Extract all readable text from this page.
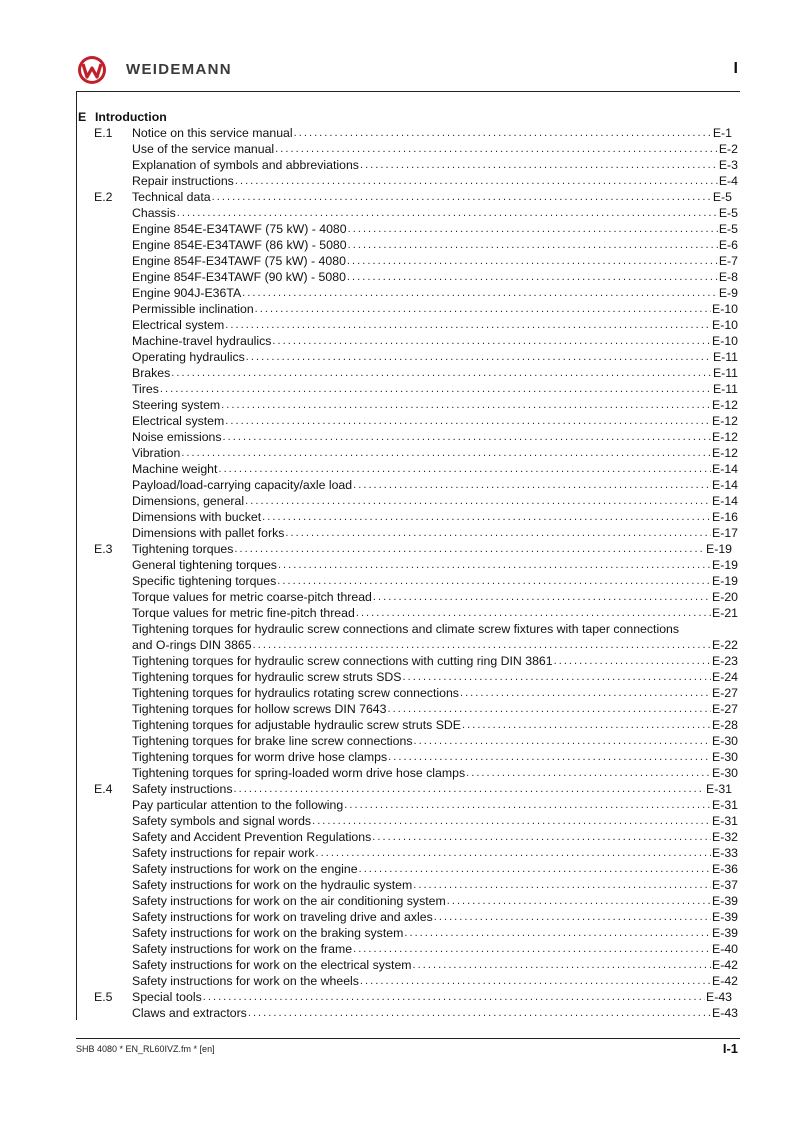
WEIDEMANN	I
E Introduction
E.1	Notice on this service manual . . .	E-1
Use of the service manual . . .	E-2
Explanation of symbols and abbreviations . . .	E-3
Repair instructions . . .	E-4
E.2	Technical data . . .	E-5
Chassis . . .	E-5
Engine 854E-E34TAWF (75 kW) - 4080 . . .	E-5
Engine 854E-E34TAWF (86 kW) - 5080 . . .	E-6
Engine 854F-E34TAWF (75 kW) - 4080 . . .	E-7
Engine 854F-E34TAWF (90 kW) - 5080 . . .	E-8
Engine 904J-E36TA . . .	E-9
Permissible inclination . . .	E-10
Electrical system . . .	E-10
Machine-travel hydraulics . . .	E-10
Operating hydraulics . . .	E-11
Brakes . . .	E-11
Tires . . .	E-11
Steering system . . .	E-12
Electrical system . . .	E-12
Noise emissions . . .	E-12
Vibration . . .	E-12
Machine weight . . .	E-14
Payload/load-carrying capacity/axle load . . .	E-14
Dimensions, general . . .	E-14
Dimensions with bucket . . .	E-16
Dimensions with pallet forks . . .	E-17
E.3	Tightening torques . . .	E-19
General tightening torques . . .	E-19
Specific tightening torques . . .	E-19
Torque values for metric coarse-pitch thread . . .	E-20
Torque values for metric fine-pitch thread . . .	E-21
Tightening torques for hydraulic screw connections and climate screw fixtures with taper connections
and O-rings DIN 3865 . . .	E-22
Tightening torques for hydraulic screw connections with cutting ring DIN 3861 . . .	E-23
Tightening torques for hydraulic screw struts SDS . . .	E-24
Tightening torques for hydraulics rotating screw connections . . .	E-27
Tightening torques for hollow screws DIN 7643 . . .	E-27
Tightening torques for adjustable hydraulic screw struts SDE . . .	E-28
Tightening torques for brake line screw connections . . .	E-30
Tightening torques for worm drive hose clamps . . .	E-30
Tightening torques for spring-loaded worm drive hose clamps . . .	E-30
E.4	Safety instructions . . .	E-31
Pay particular attention to the following . . .	E-31
Safety symbols and signal words . . .	E-31
Safety and Accident Prevention Regulations . . .	E-32
Safety instructions for repair work . . .	E-33
Safety instructions for work on the engine . . .	E-36
Safety instructions for work on the hydraulic system . . .	E-37
Safety instructions for work on the air conditioning system . . .	E-39
Safety instructions for work on traveling drive and axles . . .	E-39
Safety instructions for work on the braking system . . .	E-39
Safety instructions for work on the frame . . .	E-40
Safety instructions for work on the electrical system . . .	E-42
Safety instructions for work on the wheels . . .	E-42
E.5	Special tools . . .	E-43
Claws and extractors . . .	E-43
SHB 4080 * EN_RL60IVZ.fm * [en]	I-1
